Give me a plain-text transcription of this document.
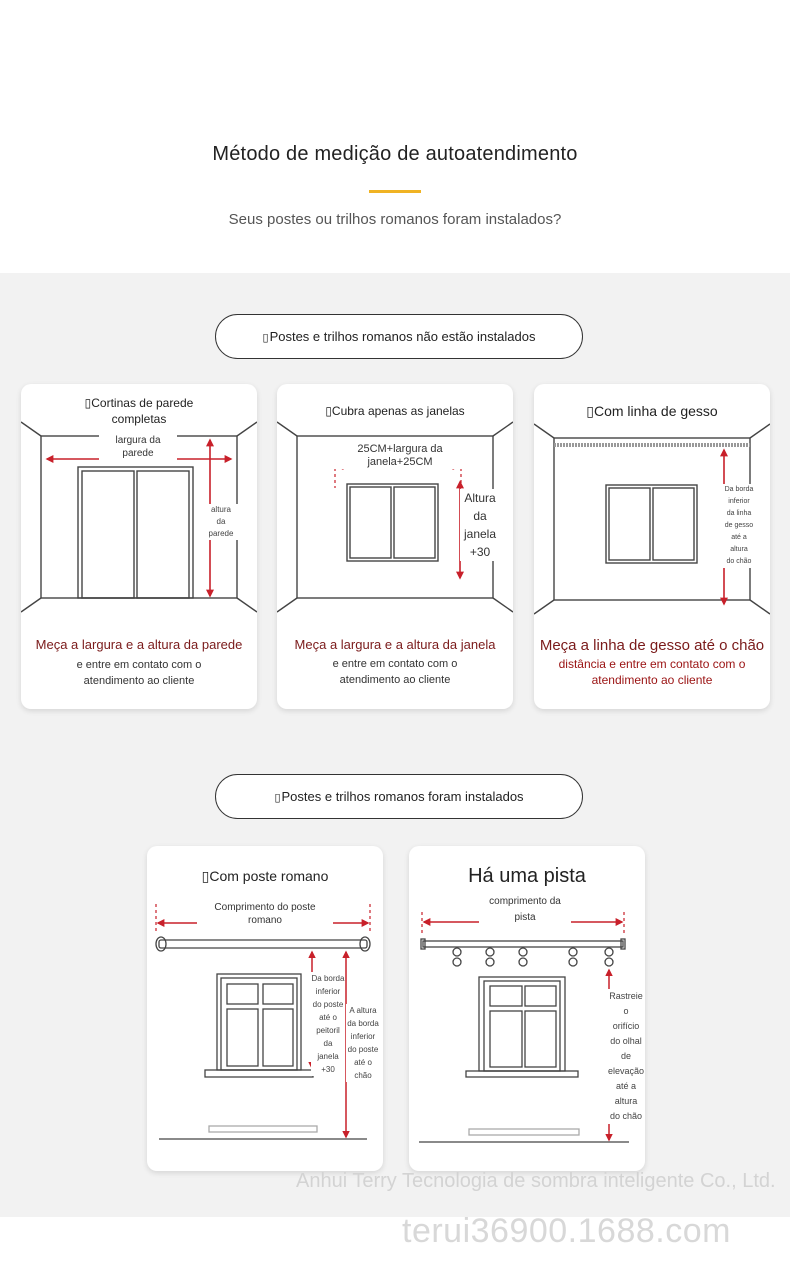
Método de medição de autoatendimento
Seus postes ou trilhos romanos foram instalados?
▯Postes e trilhos romanos não estão instalados
▯Cortinas de parede
completas
largura da
parede
altura
da
parede
Meça a largura e a altura da parede
e entre em contato com o
atendimento ao cliente
▯Cubra apenas as janelas
25CM+largura da janela+25CM
Altura
da
janela
+30
Meça a largura e a altura da janela
e entre em contato com o
atendimento ao cliente
▯Com linha de gesso
Da borda
inferior
da linha
de gesso
até a
altura
do chão
Meça a linha de gesso até o chão
distância e entre em contato com o
atendimento ao cliente
▯Postes e trilhos romanos foram instalados
▯Com poste romano
Comprimento do poste romano
Da borda
inferior
do poste
até o
peitoril
da
janela
+30
A altura
da borda
inferior
do poste
até o
chão
Há uma pista
comprimento da
pista
Rastreie
o
orifício
do olhal
de
elevação
até a
altura
do chão
Anhui Terry Tecnologia de sombra inteligente Co., Ltd.
terui36900.1688.com
